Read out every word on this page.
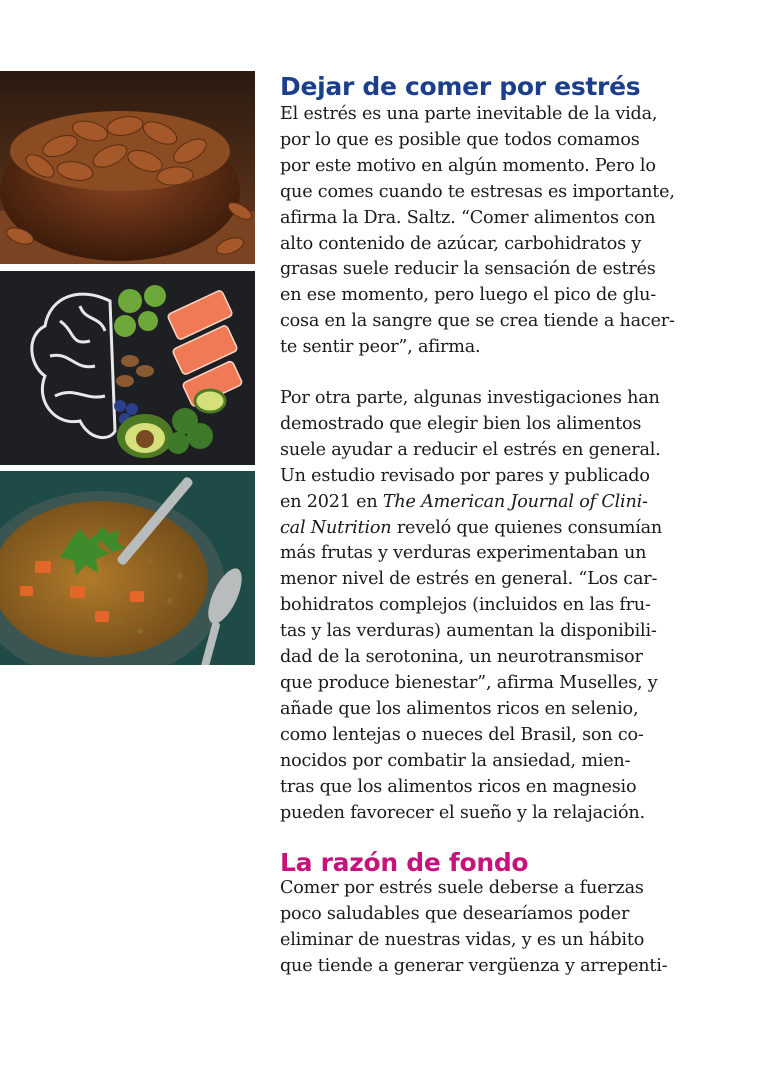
Dejar de comer por estrés
El estrés es una parte inevitable de la vida,
por lo que es posible que todos comamos
por este motivo en algún momento. Pero lo
que comes cuando te estresas es importante,
afirma la Dra. Saltz. “Comer alimentos con
alto contenido de azúcar, carbohidratos y
grasas suele reducir la sensación de estrés
en ese momento, pero luego el pico de glu-
cosa en la sangre que se crea tiende a hacer-
te sentir peor”, afirma.
Por otra parte, algunas investigaciones han
demostrado que elegir bien los alimentos
suele ayudar a reducir el estrés en general.
Un estudio revisado por pares y publicado
en 2021 en The American Journal of Clini-
cal Nutrition reveló que quienes consumían
más frutas y verduras experimentaban un
menor nivel de estrés en general. “Los car-
bohidratos complejos (incluidos en las fru-
tas y las verduras) aumentan la disponibili-
dad de la serotonina, un neurotransmisor
que produce bienestar”, afirma Muselles, y
añade que los alimentos ricos en selenio,
como lentejas o nueces del Brasil, son co-
nocidos por combatir la ansiedad, mien-
tras que los alimentos ricos en magnesio
pueden favorecer el sueño y la relajación.
La razón de fondo
Comer por estrés suele deberse a fuerzas
poco saludables que desearíamos poder
eliminar de nuestras vidas, y es un hábito
que tiende a generar vergüenza y arrepenti-
